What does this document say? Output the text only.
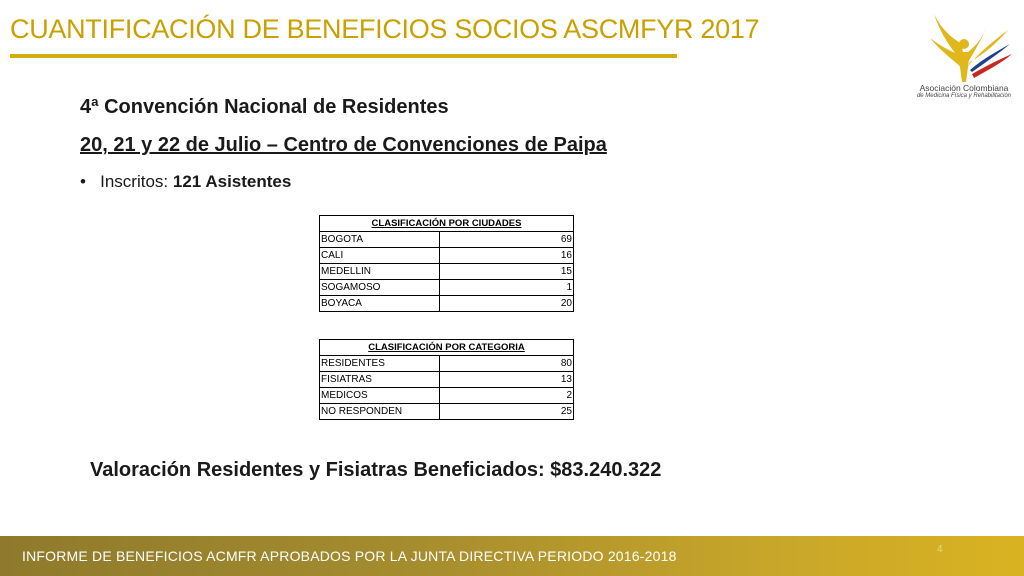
CUANTIFICACIÓN DE BENEFICIOS SOCIOS ASCMFYR 2017
Asociación Colombiana
de Medicina Física y Rehabilitación
4ª Convención Nacional de Residentes
20, 21 y 22 de Julio – Centro de Convenciones de Paipa
• Inscritos: 121 Asistentes
CLASIFICACIÓN POR CIUDADES	
BOGOTA	69
CALI	16
MEDELLIN	15
SOGAMOSO	1
BOYACA	20
CLASIFICACIÓN POR CATEGORIA	
RESIDENTES	80
FISIATRAS	13
MEDICOS	2
NO RESPONDEN	25
Valoración Residentes y Fisiatras Beneficiados: $83.240.322
INFORME DE BENEFICIOS ACMFR APROBADOS POR LA JUNTA DIRECTIVA PERIODO 2016-2018	4
